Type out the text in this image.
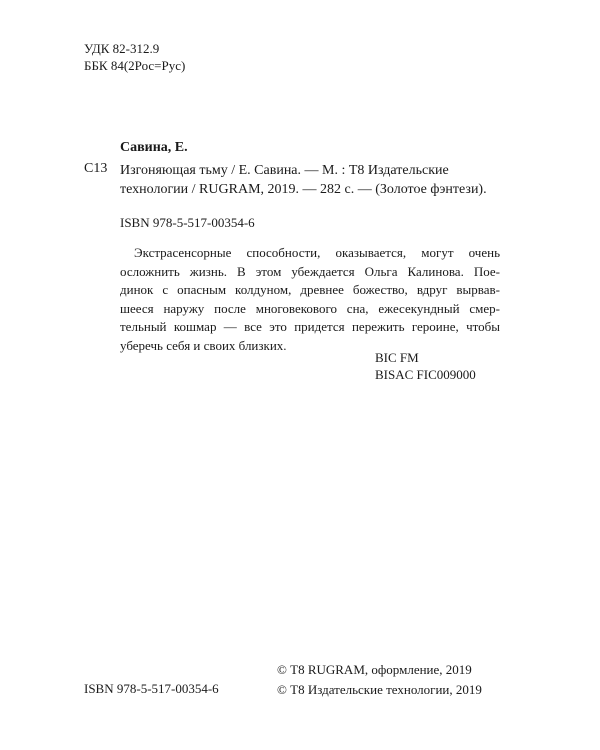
УДК 82-312.9
ББК 84(2Рос=Рус)
Савина, Е.
С13 Изгоняющая тьму / Е. Савина. — М. : Т8 Издательские технологии / RUGRAM, 2019. — 282 с. — (Золотое фэнтези).
ISBN 978-5-517-00354-6
Экстрасенсорные способности, оказывается, могут очень
осложнить жизнь. В этом убеждается Ольга Калинова. Пое-
динок с опасным колдуном, древнее божество, вдруг вырвав-
шееся наружу после многовекового сна, ежесекундный смер-
тельный кошмар — все это придется пережить героине, чтобы
уберечь себя и своих близких.
BIC FM
BISAC FIC009000
ISBN 978-5-517-00354-6
© Т8 RUGRAM, оформление, 2019
© Т8 Издательские технологии, 2019
